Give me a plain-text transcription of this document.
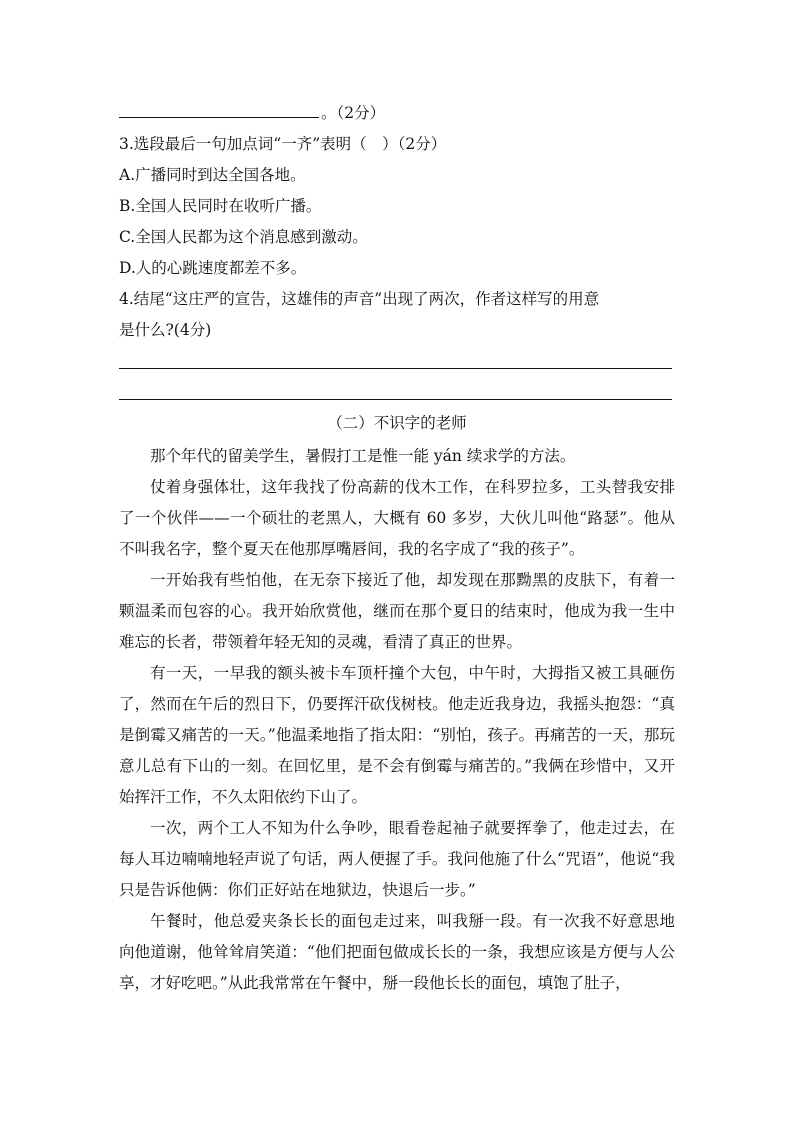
。（2分）
3.选段最后一句加点词“一齐”表明（　）（2分）
A.广播同时到达全国各地。
B.全国人民同时在收听广播。
C.全国人民都为这个消息感到激动。
D.人的心跳速度都差不多。
4.结尾“这庄严的宣告，这雄伟的声音”出现了两次，作者这样写的用意
是什么?(4分)
（二）不识字的老师
那个年代的留美学生，暑假打工是惟一能 yán 续求学的方法。
仗着身强体壮，这年我找了份高薪的伐木工作，在科罗拉多，工头替我安排了一个伙伴——一个硕壮的老黑人，大概有 60 多岁，大伙儿叫他“路瑟”。他从不叫我名字，整个夏天在他那厚嘴唇间，我的名字成了“我的孩子”。
一开始我有些怕他，在无奈下接近了他，却发现在那黝黑的皮肤下，有着一颗温柔而包容的心。我开始欣赏他，继而在那个夏日的结束时，他成为我一生中难忘的长者，带领着年轻无知的灵魂，看清了真正的世界。
有一天，一早我的额头被卡车顶杆撞个大包，中午时，大拇指又被工具砸伤了，然而在午后的烈日下，仍要挥汗砍伐树枝。他走近我身边，我摇头抱怨：“真是倒霉又痛苦的一天。”他温柔地指了指太阳：“别怕，孩子。再痛苦的一天，那玩意儿总有下山的一刻。在回忆里，是不会有倒霉与痛苦的。”我俩在珍惜中，又开始挥汗工作，不久太阳依约下山了。
一次，两个工人不知为什么争吵，眼看卷起袖子就要挥拳了，他走过去，在每人耳边喃喃地轻声说了句话，两人便握了手。我问他施了什么“咒语”，他说“我只是告诉他俩：你们正好站在地狱边，快退后一步。”
午餐时，他总爱夹条长长的面包走过来，叫我掰一段。有一次我不好意思地向他道谢，他耸耸肩笑道：“他们把面包做成长长的一条，我想应该是方便与人公享，才好吃吧。”从此我常常在午餐中，掰一段他长长的面包，填饱了肚子，
